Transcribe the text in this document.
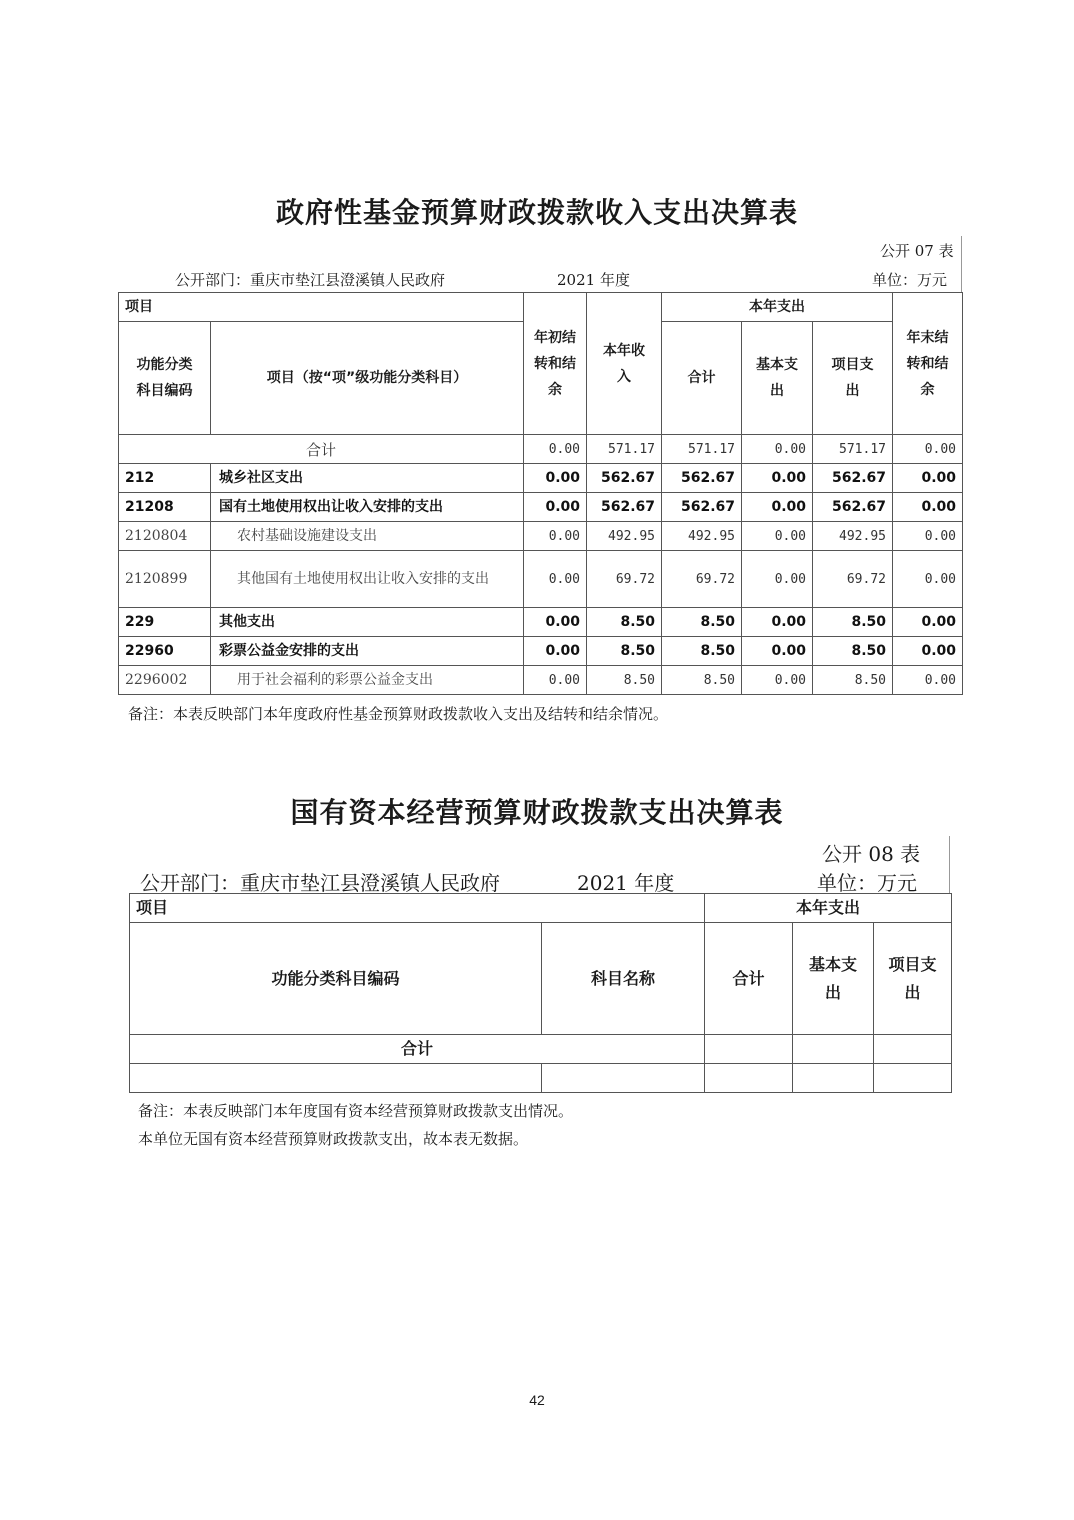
政府性基金预算财政拨款收入支出决算表
公开 07 表
公开部门：重庆市垫江县澄溪镇人民政府	2021 年度	单位：万元
项目		年初结转和结余	本年收入	本年支出			年末结转和结余
功能分类科目编码	项目（按“项”级功能分类科目）			合计	基本支出	项目支出	
合计		0.00	571.17	571.17	0.00	571.17	0.00
212	城乡社区支出	0.00	562.67	562.67	0.00	562.67	0.00
21208	国有土地使用权出让收入安排的支出	0.00	562.67	562.67	0.00	562.67	0.00
2120804	农村基础设施建设支出	0.00	492.95	492.95	0.00	492.95	0.00
2120899	其他国有土地使用权出让收入安排的支出	0.00	69.72	69.72	0.00	69.72	0.00
229	其他支出	0.00	8.50	8.50	0.00	8.50	0.00
22960	彩票公益金安排的支出	0.00	8.50	8.50	0.00	8.50	0.00
2296002	用于社会福利的彩票公益金支出	0.00	8.50	8.50	0.00	8.50	0.00
备注：本表反映部门本年度政府性基金预算财政拨款收入支出及结转和结余情况。
国有资本经营预算财政拨款支出决算表
公开 08 表
公开部门：重庆市垫江县澄溪镇人民政府	2021 年度	单位：万元
项目		本年支出		
功能分类科目编码	科目名称	合计	基本支出	项目支出
合计				

备注：本表反映部门本年度国有资本经营预算财政拨款支出情况。
本单位无国有资本经营预算财政拨款支出，故本表无数据。
42
